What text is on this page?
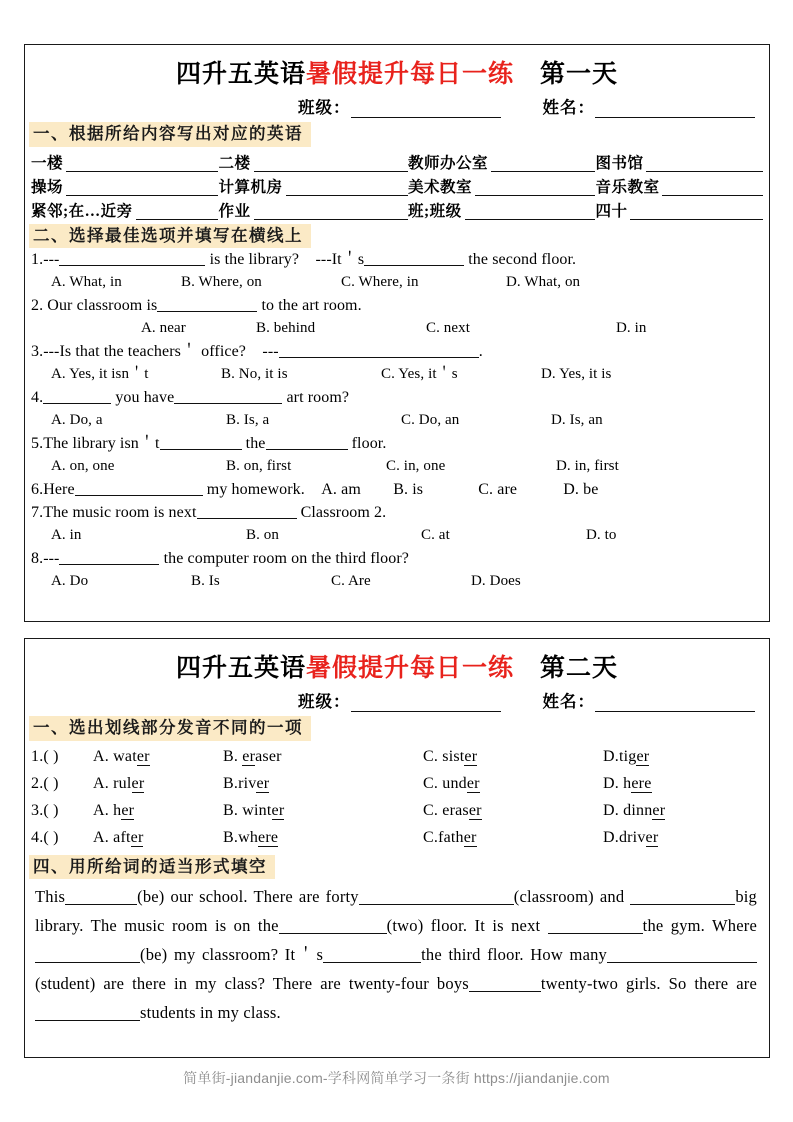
四升五英语暑假提升每日一练 第一天
班级：	姓名：
一、根据所给内容写出对应的英语
一楼	二楼	教师办公室	图书馆
操场	计算机房	美术教室	音乐教室
紧邻;在…近旁	作业	班;班级	四十
二、选择最佳选项并填写在横线上
1.---	is the library? ---It＇s	the second floor.
A. What, in	B. Where, on	C. Where, in	D. What, on
2. Our classroom is	to the art room.
A. near	B. behind	C. next	D. in
3.---Is that the teachers＇ office? ---	.
A. Yes, it isn＇t	B. No, it is	C. Yes, it＇s	D. Yes, it is
4.	you have	art room?
A. Do, a	B. Is, a	C. Do, an	D. Is, an
5.The library isn＇t	the	floor.
A. on, one	B. on, first	C. in, one	D. in, first
6.Here	my homework. A. am B. is	C. are	D. be
7.The music room is next	Classroom 2.
A. in	B. on	C. at	D. to
8.---	the computer room on the third floor?
A. Do	B. Is	C. Are	D. Does
四升五英语暑假提升每日一练 第二天
班级：	姓名：
一、选出划线部分发音不同的一项
1.( )	A. water	B. eraser	C. sister	D.tiger
2.( )	A. ruler	B.river	C. under	D. here
3.( )	A. her	B. winter	C. eraser	D. dinner
4.( )	A. after	B.where	C.father	D.driver
四、用所给词的适当形式填空
This	(be) our school. There are forty	(classroom) and	big library. The music room is on the	(two) floor. It is next	the gym. Where(be) my classroom? It＇s	the third floor. How many(student) are there in my class? There are twenty-four boys	twenty-two girls. So there arestudents in my class.
简单街-jiandanjie.com-学科网简单学习一条街 https://jiandanjie.com
